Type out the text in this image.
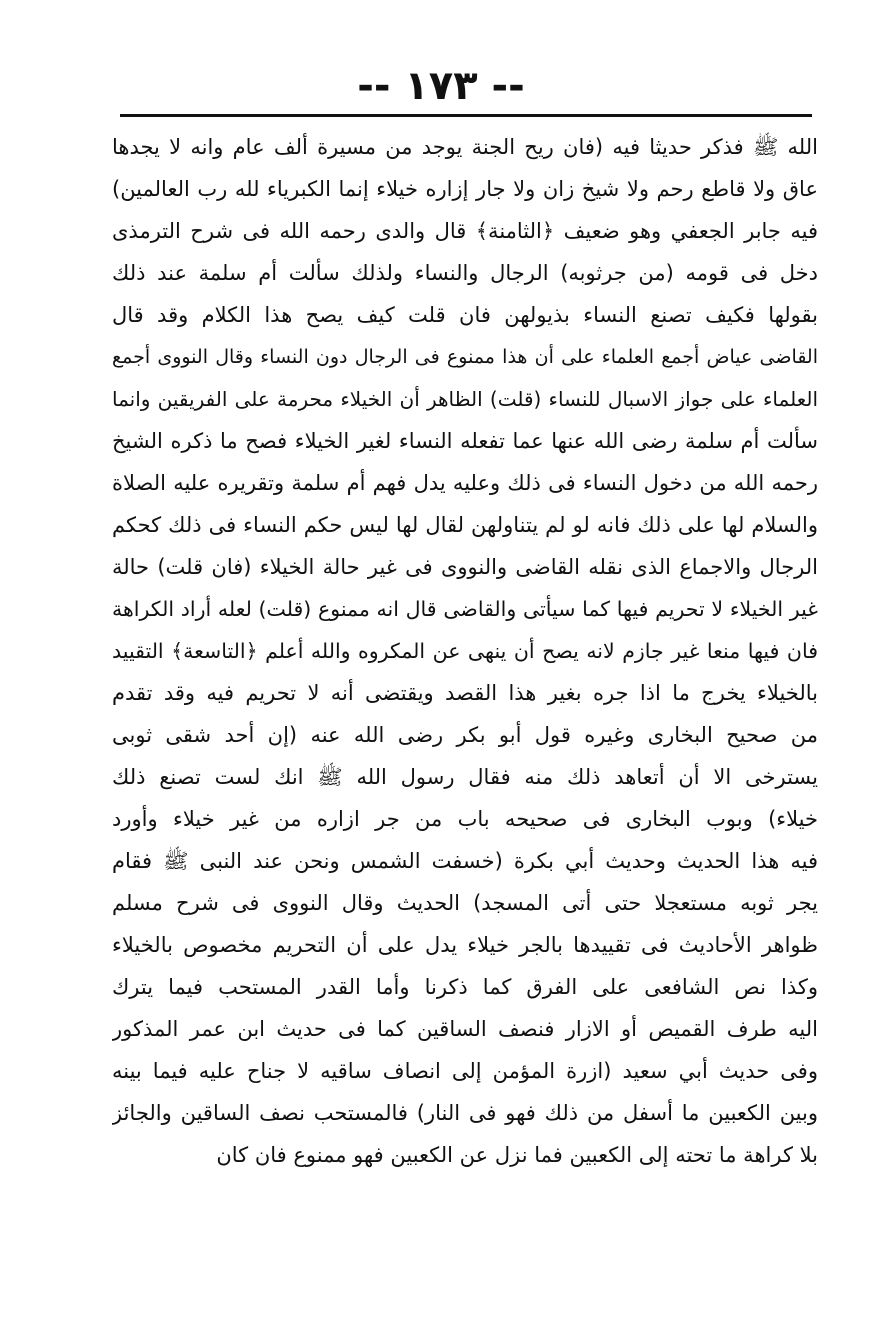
-- ١٧٣ --
الله ﷺ فذكر حديثا فيه (فان ريح الجنة يوجد من مسيرة ألف عام وانه لا يجدها
عاق ولا قاطع رحم ولا شيخ زان ولا جار إزاره خيلاء إنما الكبرياء لله رب العالمين)
فيه جابر الجعفي وهو ضعيف ﴿الثامنة﴾ قال والدى رحمه الله فى شرح الترمذى
دخل فى قومه (من جرثوبه) الرجال والنساء ولذلك سألت أم سلمة عند ذلك
بقولها فكيف تصنع النساء بذيولهن فان قلت كيف يصح هذا الكلام وقد قال
القاضى عياض أجمع العلماء على أن هذا ممنوع فى الرجال دون النساء وقال النووى أجمع
العلماء على جواز الاسبال للنساء (قلت) الظاهر أن الخيلاء محرمة على الفريقين وانما
سألت أم سلمة رضى الله عنها عما تفعله النساء لغير الخيلاء فصح ما ذكره الشيخ
رحمه الله من دخول النساء فى ذلك وعليه يدل فهم أم سلمة وتقريره عليه الصلاة
والسلام لها على ذلك فانه لو لم يتناولهن لقال لها ليس حكم النساء فى ذلك كحكم
الرجال والاجماع الذى نقله القاضى والنووى فى غير حالة الخيلاء (فان قلت) حالة
غير الخيلاء لا تحريم فيها كما سيأتى والقاضى قال انه ممنوع (قلت) لعله أراد الكراهة
فان فيها منعا غير جازم لانه يصح أن ينهى عن المكروه والله أعلم ﴿التاسعة﴾ التقييد
بالخيلاء يخرج ما اذا جره بغير هذا القصد ويقتضى أنه لا تحريم فيه وقد تقدم
من صحيح البخارى وغيره قول أبو بكر رضى الله عنه (إن أحد شقى ثوبى
يسترخى الا أن أتعاهد ذلك منه فقال رسول الله ﷺ انك لست تصنع ذلك
خيلاء) وبوب البخارى فى صحيحه باب من جر ازاره من غير خيلاء وأورد
فيه هذا الحديث وحديث أبي بكرة (خسفت الشمس ونحن عند النبى ﷺ فقام
يجر ثوبه مستعجلا حتى أتى المسجد) الحديث وقال النووى فى شرح مسلم
ظواهر الأحاديث فى تقييدها بالجر خيلاء يدل على أن التحريم مخصوص بالخيلاء
وكذا نص الشافعى على الفرق كما ذكرنا وأما القدر المستحب فيما يترك
اليه طرف القميص أو الازار فنصف الساقين كما فى حديث ابن عمر المذكور
وفى حديث أبي سعيد (ازرة المؤمن إلى انصاف ساقيه لا جناح عليه فيما بينه
وبين الكعبين ما أسفل من ذلك فهو فى النار) فالمستحب نصف الساقين والجائز
بلا كراهة ما تحته إلى الكعبين فما نزل عن الكعبين فهو ممنوع فان كان
